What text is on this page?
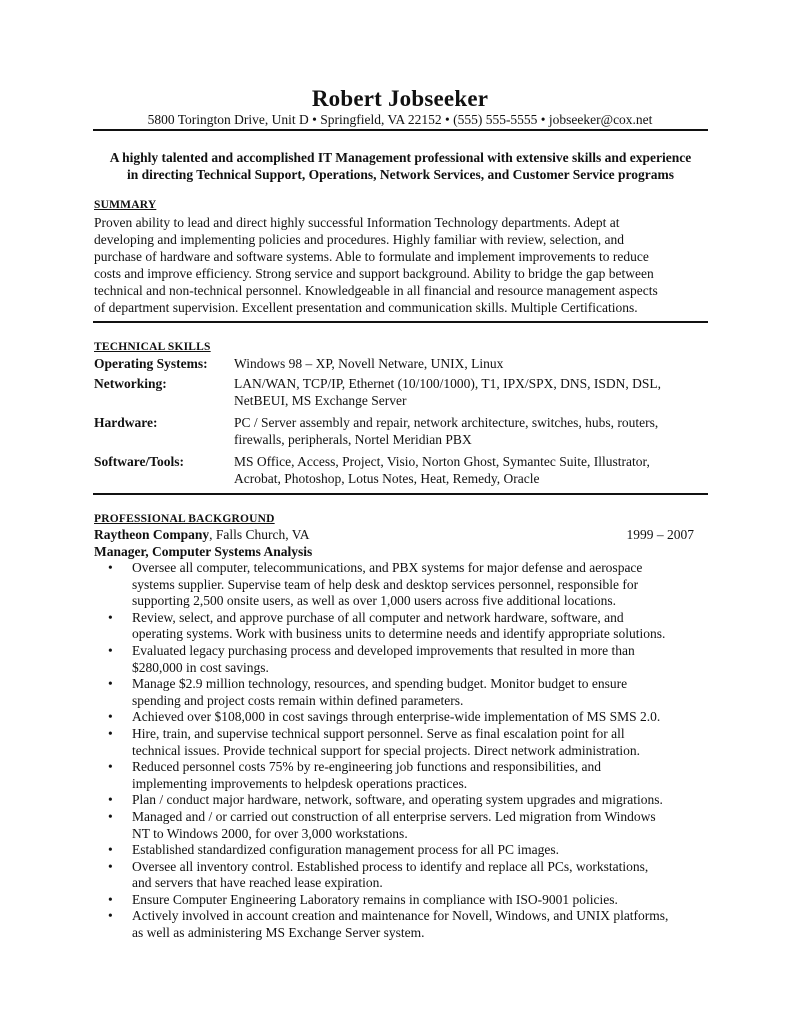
Robert Jobseeker
5800 Torington Drive, Unit D • Springfield, VA 22152 • (555) 555-5555 • jobseeker@cox.net
A highly talented and accomplished IT Management professional with extensive skills and experience
in directing Technical Support, Operations, Network Services, and Customer Service programs
SUMMARY
Proven ability to lead and direct highly successful Information Technology departments. Adept at
developing and implementing policies and procedures. Highly familiar with review, selection, and
purchase of hardware and software systems. Able to formulate and implement improvements to reduce
costs and improve efficiency. Strong service and support background. Ability to bridge the gap between
technical and non-technical personnel. Knowledgeable in all financial and resource management aspects
of department supervision. Excellent presentation and communication skills. Multiple Certifications.
TECHNICAL SKILLS
Operating Systems: Windows 98 – XP, Novell Netware, UNIX, Linux
Networking:	LAN/WAN, TCP/IP, Ethernet (10/100/1000), T1, IPX/SPX, DNS, ISDN, DSL,
NetBEUI, MS Exchange Server
Hardware:	PC / Server assembly and repair, network architecture, switches, hubs, routers,
firewalls, peripherals, Nortel Meridian PBX
Software/Tools:	MS Office, Access, Project, Visio, Norton Ghost, Symantec Suite, Illustrator,
Acrobat, Photoshop, Lotus Notes, Heat, Remedy, Oracle
PROFESSIONAL BACKGROUND
Raytheon Company, Falls Church, VA	1999 – 2007
Manager, Computer Systems Analysis
• Oversee all computer, telecommunications, and PBX systems for major defense and aerospace
systems supplier. Supervise team of help desk and desktop services personnel, responsible for
supporting 2,500 onsite users, as well as over 1,000 users across five additional locations.
• Review, select, and approve purchase of all computer and network hardware, software, and
operating systems. Work with business units to determine needs and identify appropriate solutions.
• Evaluated legacy purchasing process and developed improvements that resulted in more than
$280,000 in cost savings.
• Manage $2.9 million technology, resources, and spending budget. Monitor budget to ensure
spending and project costs remain within defined parameters.
• Achieved over $108,000 in cost savings through enterprise-wide implementation of MS SMS 2.0.
• Hire, train, and supervise technical support personnel. Serve as final escalation point for all
technical issues. Provide technical support for special projects. Direct network administration.
• Reduced personnel costs 75% by re-engineering job functions and responsibilities, and
implementing improvements to helpdesk operations practices.
• Plan / conduct major hardware, network, software, and operating system upgrades and migrations.
• Managed and / or carried out construction of all enterprise servers. Led migration from Windows
NT to Windows 2000, for over 3,000 workstations.
• Established standardized configuration management process for all PC images.
• Oversee all inventory control. Established process to identify and replace all PCs, workstations,
and servers that have reached lease expiration.
• Ensure Computer Engineering Laboratory remains in compliance with ISO-9001 policies.
• Actively involved in account creation and maintenance for Novell, Windows, and UNIX platforms,
as well as administering MS Exchange Server system.
